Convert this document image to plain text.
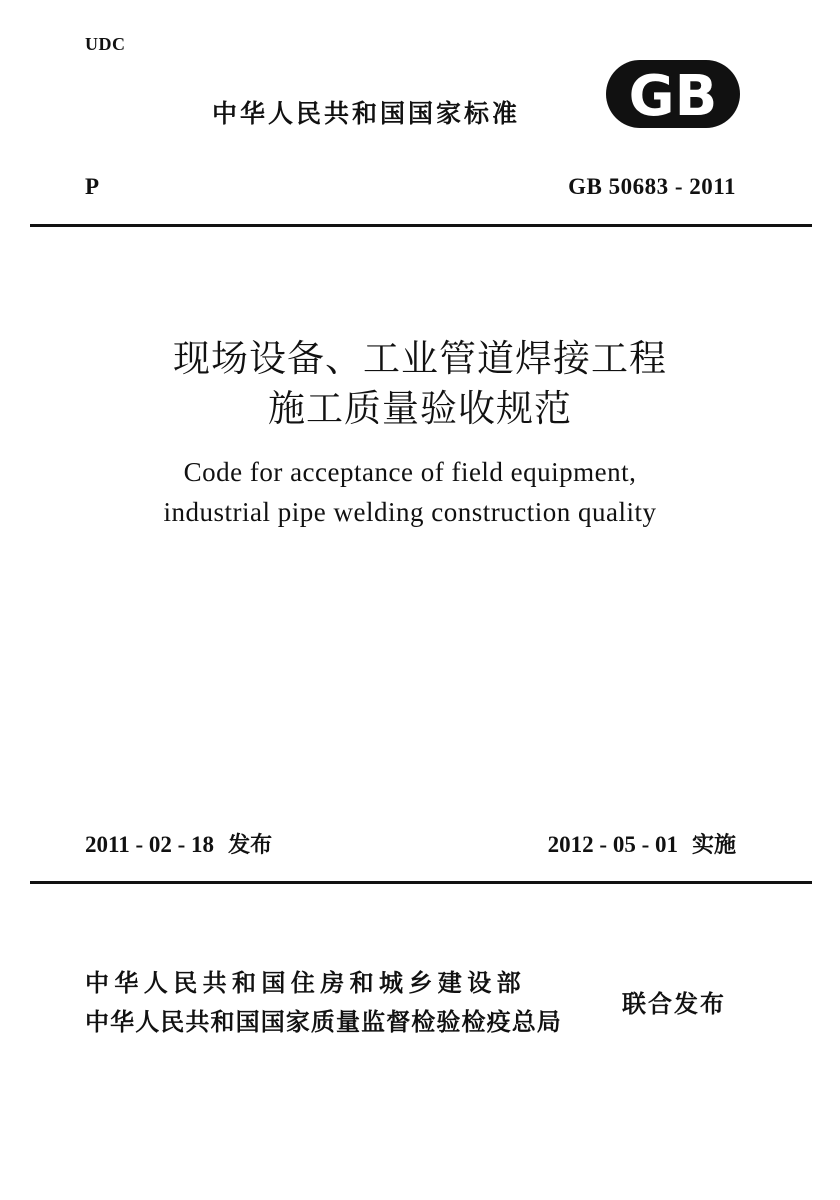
UDC
中华人民共和国国家标准 GB
P	GB 50683 - 2011
现场设备、工业管道焊接工程
施工质量验收规范
Code for acceptance of field equipment,
industrial pipe welding construction quality
2011 - 02 - 18 发布	2012 - 05 - 01 实施
中华人民共和国住房和城乡建设部
中华人民共和国国家质量监督检验检疫总局
联合发布
